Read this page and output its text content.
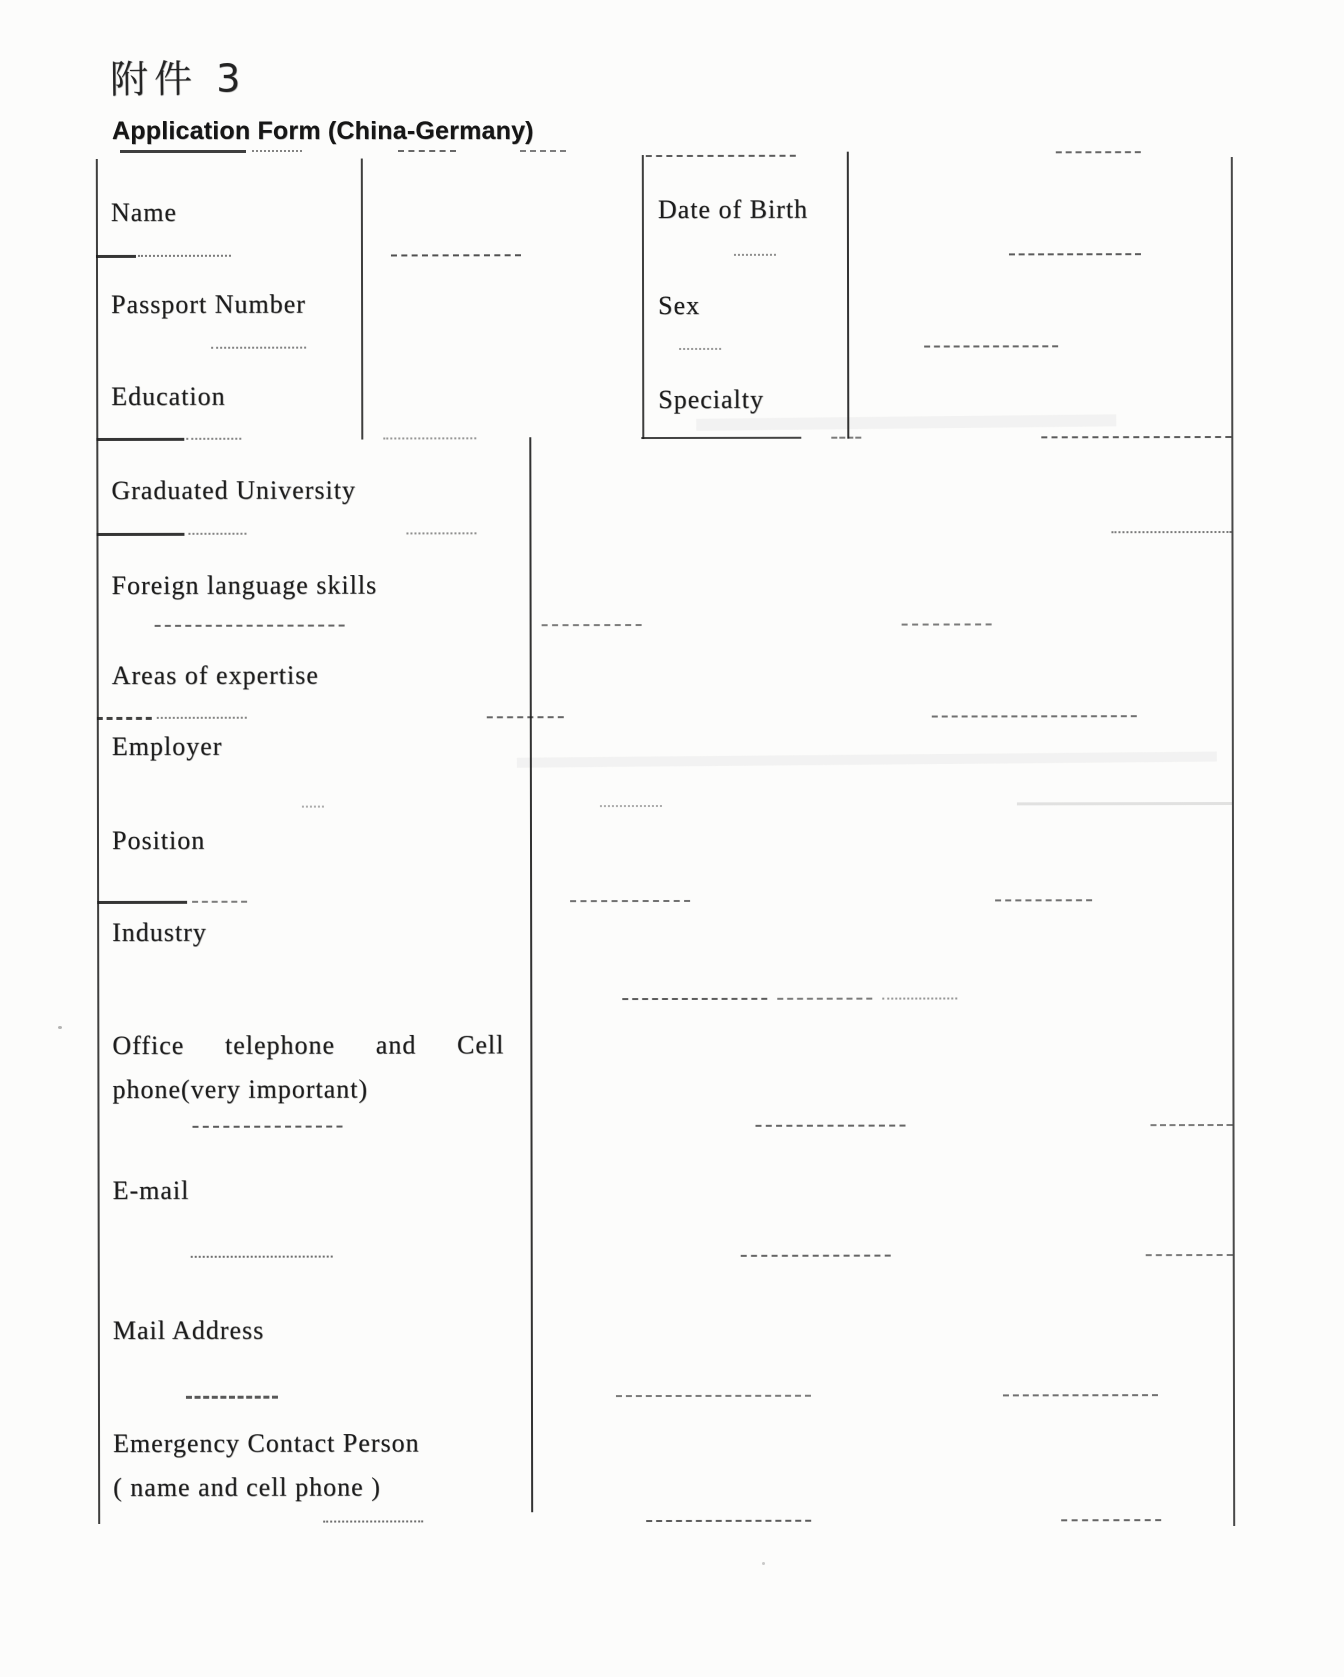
附件 3
Application Form (China-Germany)
Name	Date of Birth
Passport Number	Sex
Education	Specialty
Graduated University
Foreign language skills
Areas of expertise
Employer
Position
Industry
Office telephone and Cell phone(very important)
E-mail
Mail Address
Emergency Contact Person ( name and cell phone )
